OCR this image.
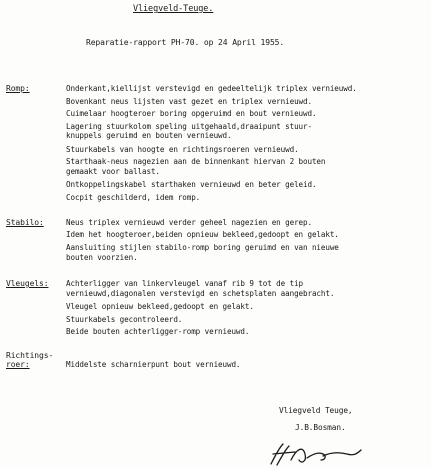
Vliegveld-Teuge.
Reparatie-rapport PH-70. op 24 April 1955.
Romp:	Onderkant,kiellijst verstevigd en gedeeltelijk triplex vernieuwd.
Bovenkant neus lijsten vast gezet en triplex vernieuwd.
Cuimelaar hoogteroer boring opgeruimd en bout vernieuwd.
Lagering stuurkolom speling uitgehaald,draaipunt stuur-
knuppels geruimd en bouten vernieuwd.
Stuurkabels van hoogte en richtingsroeren vernieuwd.
Starthaak-neus nagezien aan de binnenkant hiervan 2 bouten
gemaakt voor ballast.
Ontkoppelingskabel starthaken vernieuwd en beter geleid.
Cocpit geschilderd, idem romp.
Stabilo:	Neus triplex vernieuwd verder geheel nagezien en gerep.
Idem het hoogteroer,beiden opnieuw bekleed,gedoopt en gelakt.
Aansluiting stijlen stabilo-romp boring geruimd en van nieuwe
bouten voorzien.
Vleugels: Achterligger van linkervleugel vanaf rib 9 tot de tip
vernieuwd,diagonalen verstevigd en schetsplaten aangebracht.
Vleugel opnieuw bekleed,gedoopt en gelakt.
Stuurkabels gecontroleerd.
Beide bouten achterligger-romp vernieuwd.
Richtings-
roer:	Middelste scharnierpunt bout vernieuwd.
Vliegveld Teuge,
J.B.Bosman.
